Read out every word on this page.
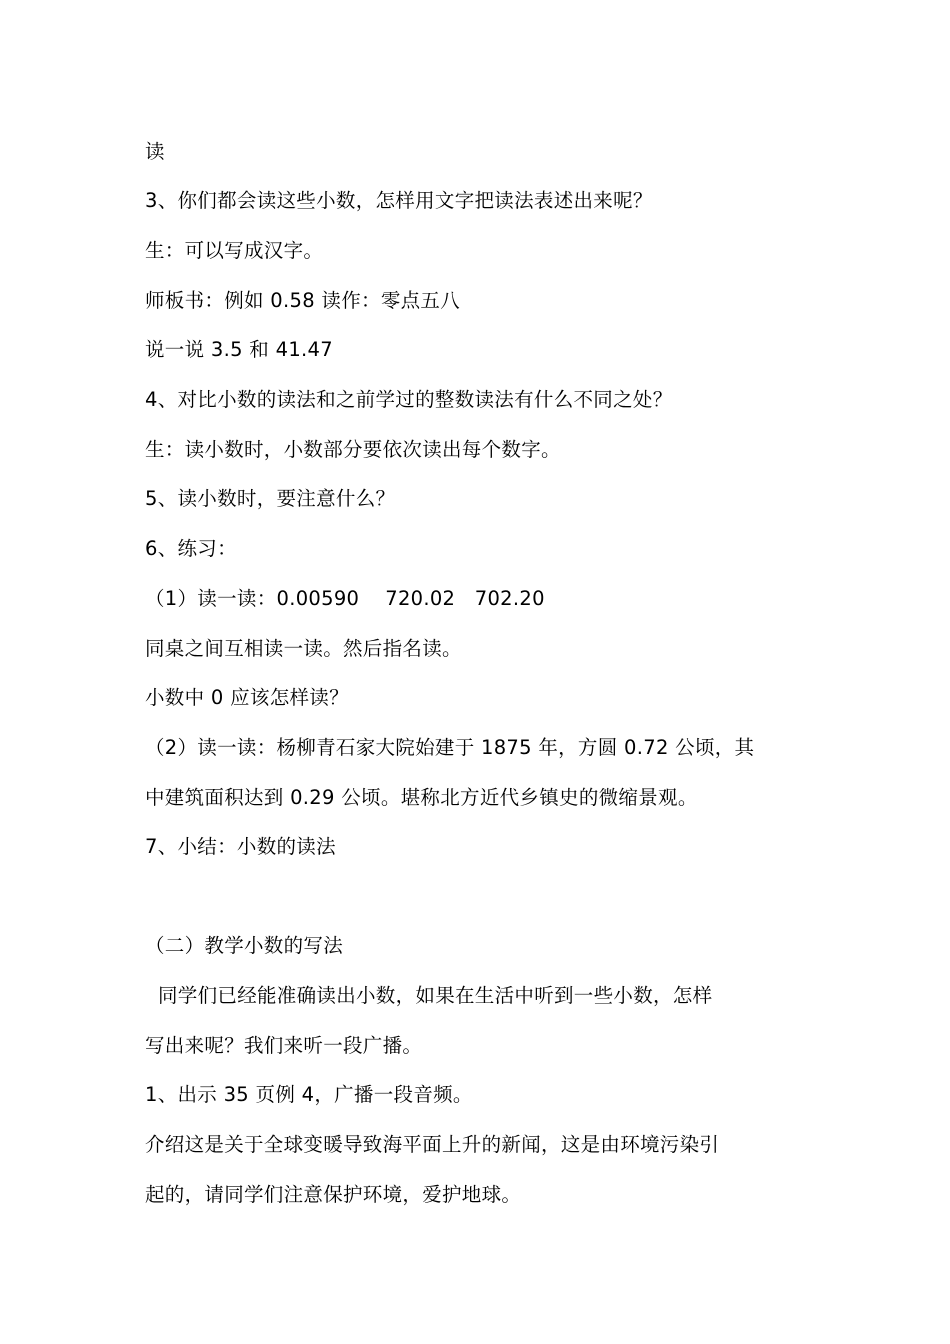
读
3、你们都会读这些小数，怎样用文字把读法表述出来呢？
生：可以写成汉字。
师板书：例如 0.58 读作：零点五八
说一说 3.5 和 41.47
4、对比小数的读法和之前学过的整数读法有什么不同之处？
生：读小数时，小数部分要依次读出每个数字。
5、读小数时，要注意什么？
6、练习：
（1）读一读：0.00590    720.02   702.20
同桌之间互相读一读。然后指名读。
小数中 0 应该怎样读？
（2）读一读：杨柳青石家大院始建于 1875 年，方圆 0.72 公顷，其
中建筑面积达到 0.29 公顷。堪称北方近代乡镇史的微缩景观。
7、小结：小数的读法
（二）教学小数的写法
同学们已经能准确读出小数，如果在生活中听到一些小数，怎样
写出来呢？我们来听一段广播。
1、出示 35 页例 4，广播一段音频。
介绍这是关于全球变暖导致海平面上升的新闻，这是由环境污染引
起的，请同学们注意保护环境，爱护地球。
